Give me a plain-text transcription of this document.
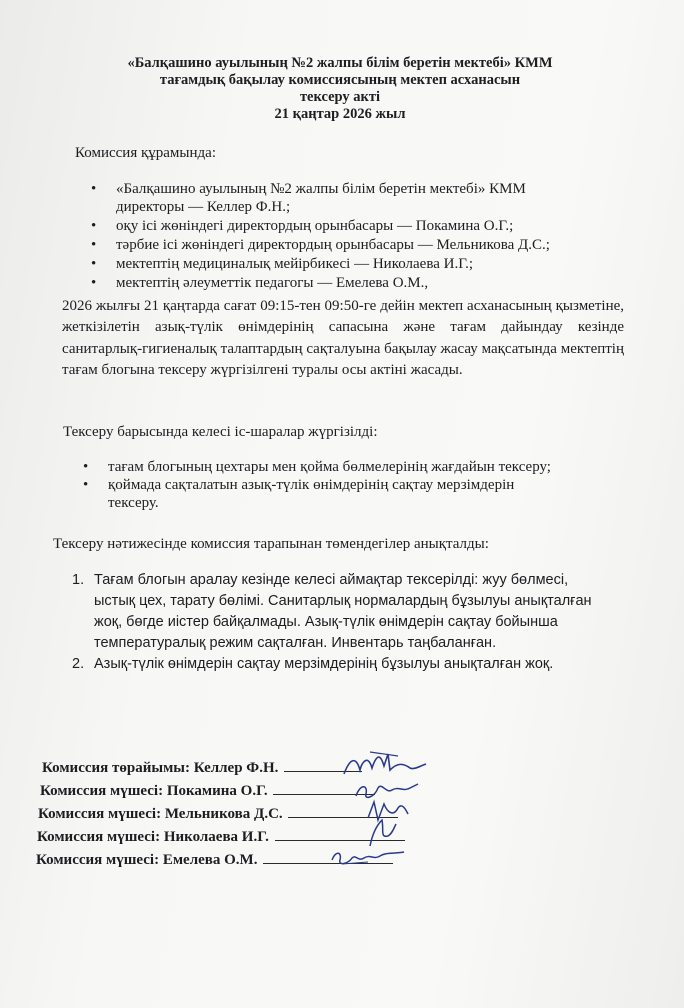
«Балқашино ауылының №2 жалпы білім беретін мектебі» КММ
тағамдық бақылау комиссиясының мектеп асханасын
тексеру акті
21 қаңтар 2026 жыл
Комиссия құрамында:
• «Балқашино ауылының №2 жалпы білім беретін мектебі» КММ директоры — Келлер Ф.Н.;
• оқу ісі жөніндегі директордың орынбасары — Покамина О.Г.;
• тәрбие ісі жөніндегі директордың орынбасары — Мельникова Д.С.;
• мектептің медициналық мейірбикесі — Николаева И.Г.;
• мектептің әлеуметтік педагогы — Емелева О.М.,

2026 жылғы 21 қаңтарда сағат 09:15-тен 09:50-ге дейін мектеп асханасының қызметіне, жеткізілетін азық-түлік өнімдерінің сапасына және тағам дайындау кезінде санитарлық-гигиеналық талаптардың сақталуына бақылау жасау мақсатында мектептің тағам блогына тексеру жүргізілгені туралы осы актіні жасады.

Тексеру барысында келесі іс-шаралар жүргізілді:
• тағам блогының цехтары мен қойма бөлмелерінің жағдайын тексеру;
• қоймада сақталатын азық-түлік өнімдерінің сақтау мерзімдерін тексеру.
Тексеру нәтижесінде комиссия тарапынан төмендегілер анықталды:
1. Тағам блогын аралау кезінде келесі аймақтар тексерілді: жуу бөлмесі, ыстық цех, тарату бөлімі. Санитарлық нормалардың бұзылуы анықталған жоқ, бөгде иістер байқалмады. Азық-түлік өнімдерін сақтау бойынша температуралық режим сақталған. Инвентарь таңбаланған.
2. Азық-түлік өнімдерін сақтау мерзімдерінің бұзылуы анықталған жоқ.
Комиссия төрайымы: Келлер Ф.Н.
Комиссия мүшесі: Покамина О.Г.
Комиссия мүшесі: Мельникова Д.С.
Комиссия мүшесі: Николаева И.Г.
Комиссия мүшесі: Емелева О.М.
